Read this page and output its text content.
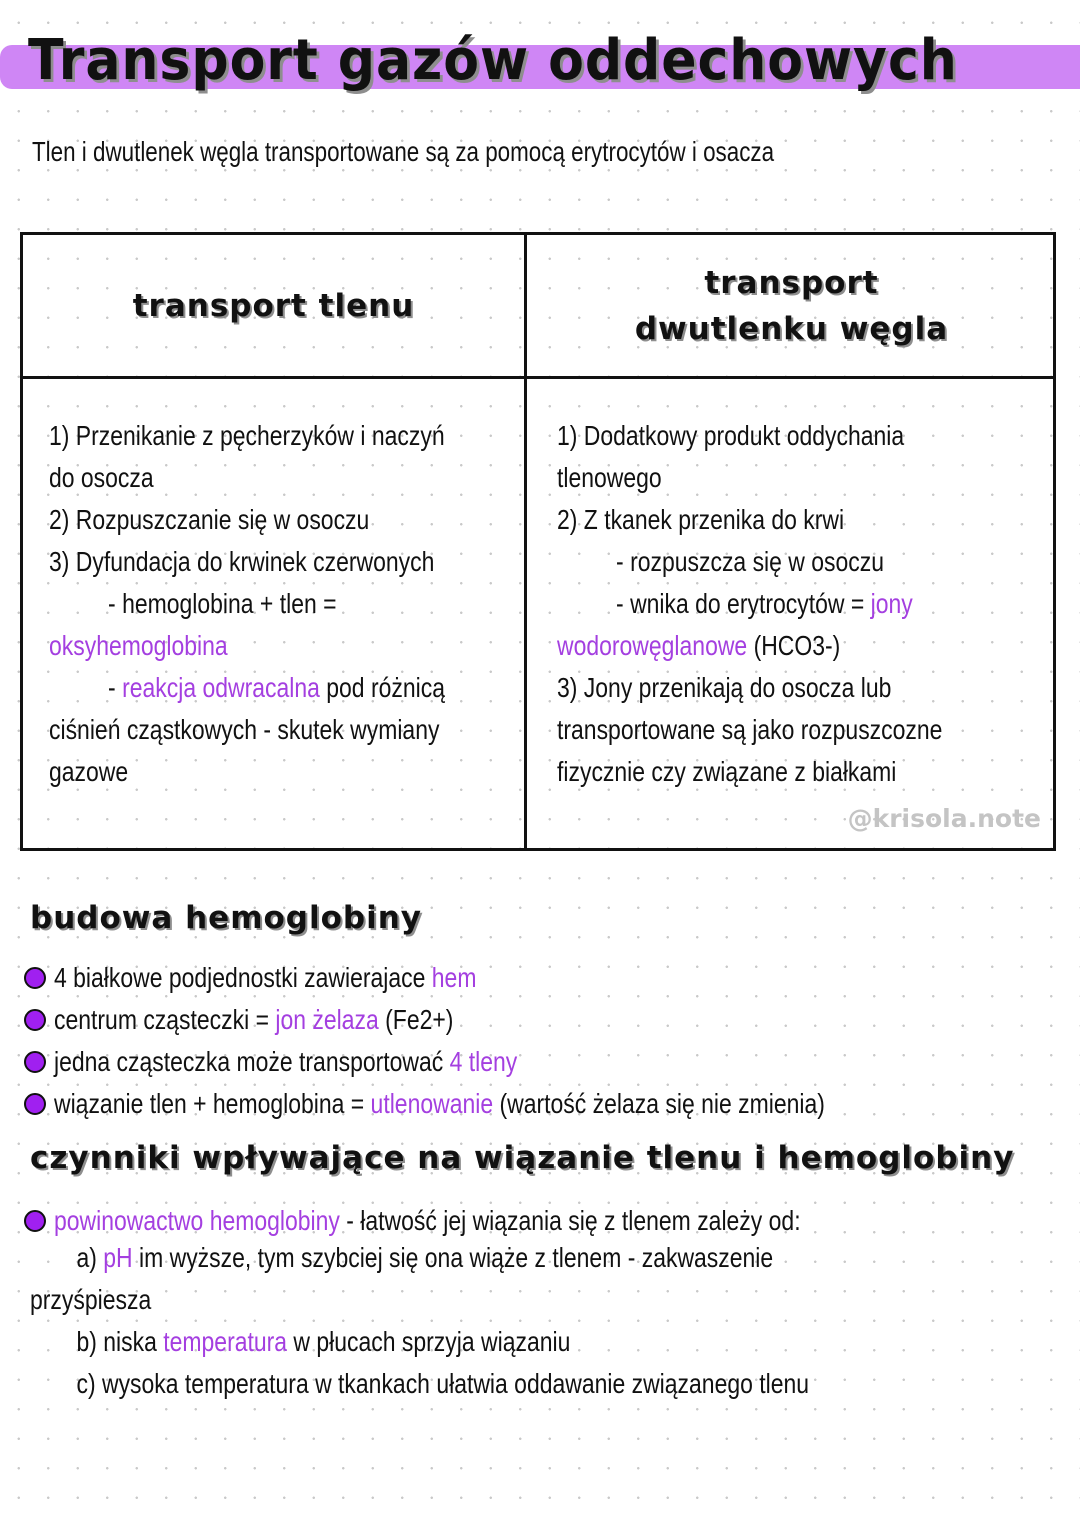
Transport gazów oddechowych
Tlen i dwutlenek węgla transportowane są za pomocą erytrocytów i osacza
transport tlenu
transport
dwutlenku węgla
1) Przenikanie z pęcherzyków i naczyń
do osocza
2) Rozpuszczanie się w osoczu
3) Dyfundacja do krwinek czerwonych
- hemoglobina + tlen =
oksyhemoglobina
- reakcja odwracalna pod różnicą
ciśnień cząstkowych - skutek wymiany
gazowe
1) Dodatkowy produkt oddychania
tlenowego
2) Z tkanek przenika do krwi
- rozpuszcza się w osoczu
- wnika do erytrocytów = jony
wodorowęglanowe (HCO3-)
3) Jony przenikają do osocza lub
transportowane są jako rozpuszcozne
fizycznie czy związane z białkami
@krisola.note
budowa hemoglobiny
4 białkowe podjednostki zawierajace hem
centrum cząsteczki = jon żelaza (Fe2+)
jedna cząsteczka może transportować 4 tleny
wiązanie tlen + hemoglobina = utlenowanie (wartość żelaza się nie zmienia)
czynniki wpływające na wiązanie tlenu i hemoglobiny
powinowactwo hemoglobiny - łatwość jej wiązania się z tlenem zależy od:
a) pH im wyższe, tym szybciej się ona wiąże z tlenem - zakwaszenie
przyśpiesza
b) niska temperatura w płucach sprzyja wiązaniu
c) wysoka temperatura w tkankach ułatwia oddawanie związanego tlenu
